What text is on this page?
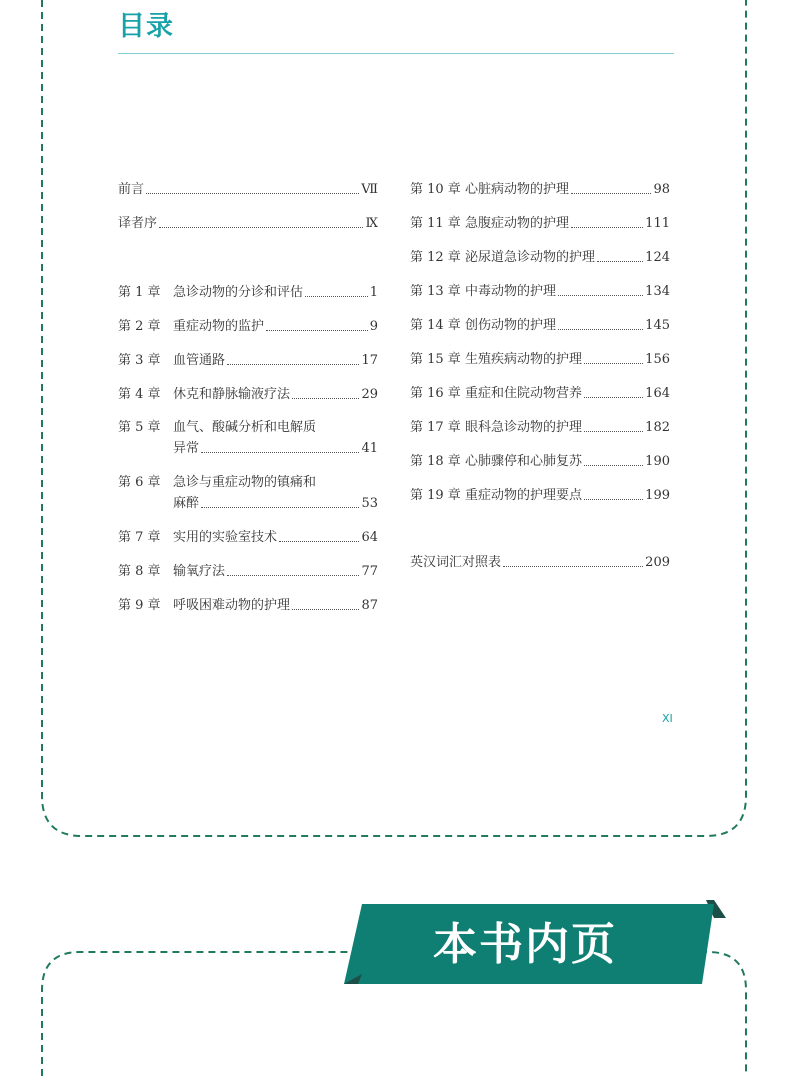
目录
前言	Ⅶ
译者序	Ⅸ
第 1 章 急诊动物的分诊和评估	1
第 2 章 重症动物的监护	9
第 3 章 血管通路	17
第 4 章 休克和静脉输液疗法	29
第 5 章 血气、酸碱分析和电解质
异常	41
第 6 章 急诊与重症动物的镇痛和
麻醉	53
第 7 章 实用的实验室技术	64
第 8 章 输氧疗法	77
第 9 章 呼吸困难动物的护理	87
第 10 章 心脏病动物的护理	98
第 11 章 急腹症动物的护理	111
第 12 章 泌尿道急诊动物的护理	124
第 13 章 中毒动物的护理	134
第 14 章 创伤动物的护理	145
第 15 章 生殖疾病动物的护理	156
第 16 章 重症和住院动物营养	164
第 17 章 眼科急诊动物的护理	182
第 18 章 心肺骤停和心肺复苏	190
第 19 章 重症动物的护理要点	199
英汉词汇对照表	209
XI
本书内页
